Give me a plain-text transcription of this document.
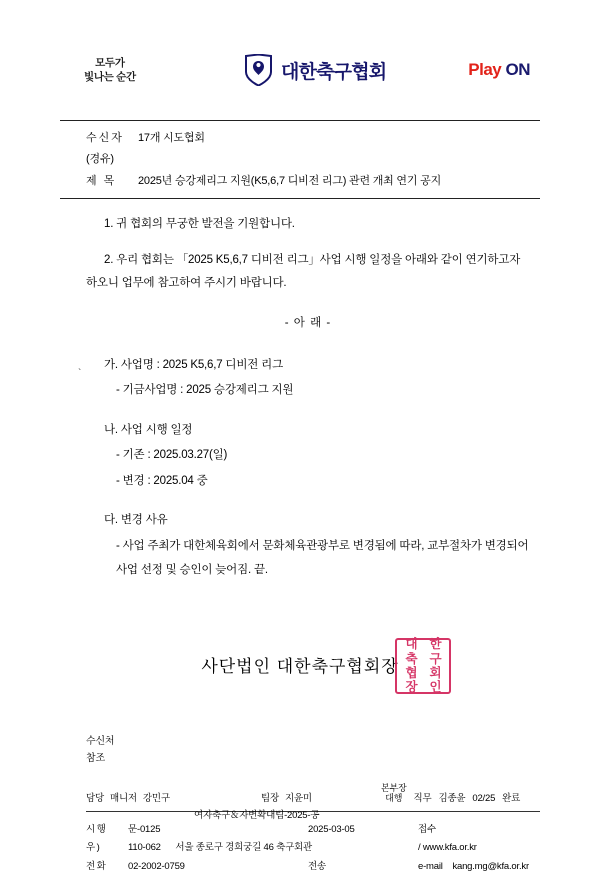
모두가
빛나는 순간	대한축구협회	Play ON
수신자	17개 시도협회
(경유)
제 목	2025년 승강제리그 지원(K5,6,7 디비전 리그) 관련 개최 연기 공지

1. 귀 협회의 무궁한 발전을 기원합니다.

2. 우리 협회는 「2025 K5,6,7 디비전 리그」사업 시행 일정을 아래와 같이 연기하고자 하오니 업무에 참고하여 주시기 바랍니다.

- 아 래 -

가. 사업명 : 2025 K5,6,7 디비전 리그

- 기금사업명 : 2025 승강제리그 지원

나. 사업 시행 일정

- 기존 : 2025.03.27(일)

- 변경 : 2025.04 중

다. 변경 사유

- 사업 주최가 대한체육회에서 문화체육관광부로 변경됨에 따라, 교부절차가 변경되어 사업 선정 및 승인이 늦어짐. 끝.

`
사단법인 대한축구협회장
대	한
축	구
협	회
장	인
수신처
참조
담당 매니저 강민구	팀장 지윤미
본부장
대행	직무 김종윤 02/25 완료
여자축구＆자변확대팀-2025-공
시행	문-0125	2025-03-05	접수
우)	110-062 서울 종로구 경희궁길 46 축구회관	/ www.kfa.or.kr
전화	02-2002-0759	전송	e-mail kang.mg@kfa.or.kr
